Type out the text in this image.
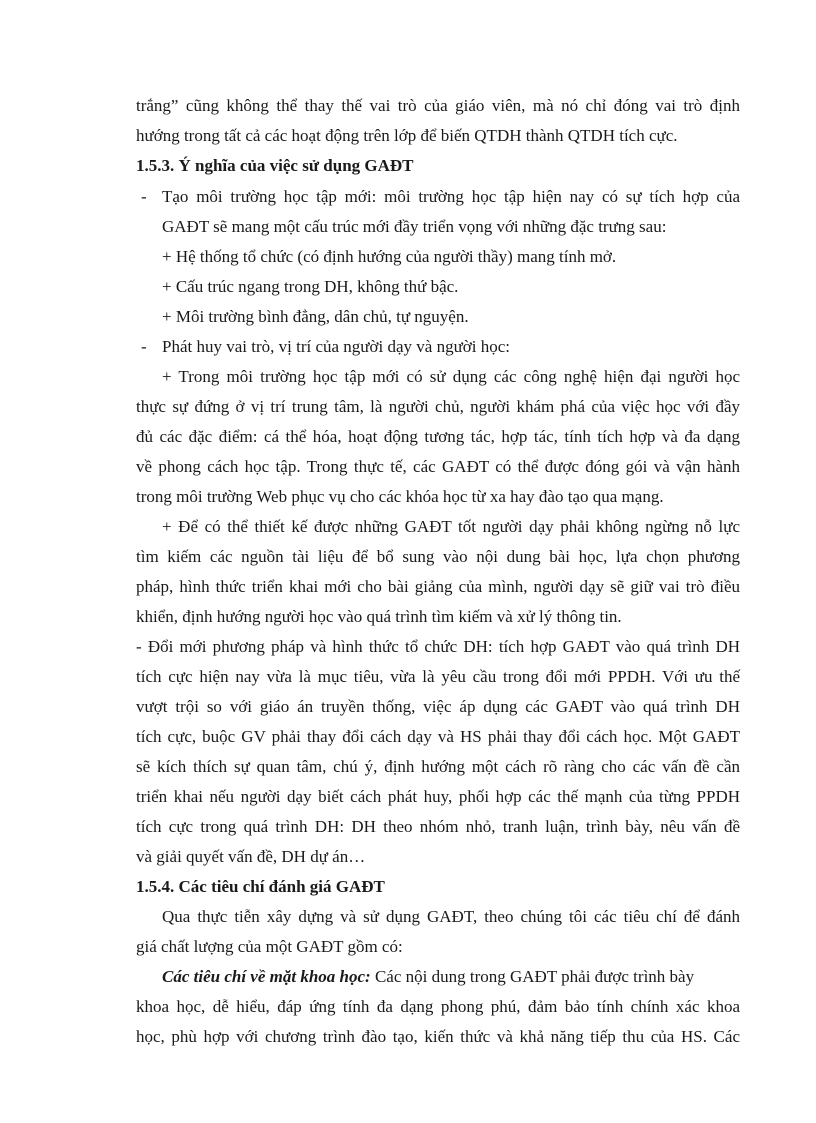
trắng” cũng không thể thay thế vai trò của giáo viên, mà nó chỉ đóng vai trò định
hướng trong tất cả các hoạt động trên lớp để biến QTDH thành QTDH tích cực.
1.5.3. Ý nghĩa của việc sử dụng GAĐT
- Tạo môi trường học tập mới: môi trường học tập hiện nay có sự tích hợp của
GAĐT sẽ mang một cấu trúc mới đầy triển vọng với những đặc trưng sau:
+ Hệ thống tổ chức (có định hướng của người thầy) mang tính mở.
+ Cấu trúc ngang trong DH, không thứ bậc.
+ Môi trường bình đẳng, dân chủ, tự nguyện.
- Phát huy vai trò, vị trí của người dạy và người học:
+ Trong môi trường học tập mới có sử dụng các công nghệ hiện đại người học
thực sự đứng ở vị trí trung tâm, là người chủ, người khám phá của việc học với đầy
đủ các đặc điểm: cá thể hóa, hoạt động tương tác, hợp tác, tính tích hợp và đa dạng
về phong cách học tập. Trong thực tế, các GAĐT có thể được đóng gói và vận hành
trong môi trường Web phục vụ cho các khóa học từ xa hay đào tạo qua mạng.
+ Để có thể thiết kế được những GAĐT tốt người dạy phải không ngừng nỗ lực
tìm kiếm các nguồn tài liệu để bổ sung vào nội dung bài học, lựa chọn phương
pháp, hình thức triển khai mới cho bài giảng của mình, người dạy sẽ giữ vai trò điều
khiển, định hướng người học vào quá trình tìm kiếm và xử lý thông tin.
- Đổi mới phương pháp và hình thức tổ chức DH: tích hợp GAĐT vào quá trình DH
tích cực hiện nay vừa là mục tiêu, vừa là yêu cầu trong đổi mới PPDH. Với ưu thế
vượt trội so với giáo án truyền thống, việc áp dụng các GAĐT vào quá trình DH
tích cực, buộc GV phải thay đổi cách dạy và HS phải thay đổi cách học. Một GAĐT
sẽ kích thích sự quan tâm, chú ý, định hướng một cách rõ ràng cho các vấn đề cần
triển khai nếu người dạy biết cách phát huy, phối hợp các thế mạnh của từng PPDH
tích cực trong quá trình DH: DH theo nhóm nhỏ, tranh luận, trình bày, nêu vấn đề
và giải quyết vấn đề, DH dự án…
1.5.4. Các tiêu chí đánh giá GAĐT
Qua thực tiễn xây dựng và sử dụng GAĐT, theo chúng tôi các tiêu chí để đánh
giá chất lượng của một GAĐT gồm có:
Các tiêu chí về mặt khoa học: Các nội dung trong GAĐT phải được trình bày
khoa học, dễ hiểu, đáp ứng tính đa dạng phong phú, đảm bảo tính chính xác khoa
học, phù hợp với chương trình đào tạo, kiến thức và khả năng tiếp thu của HS. Các
